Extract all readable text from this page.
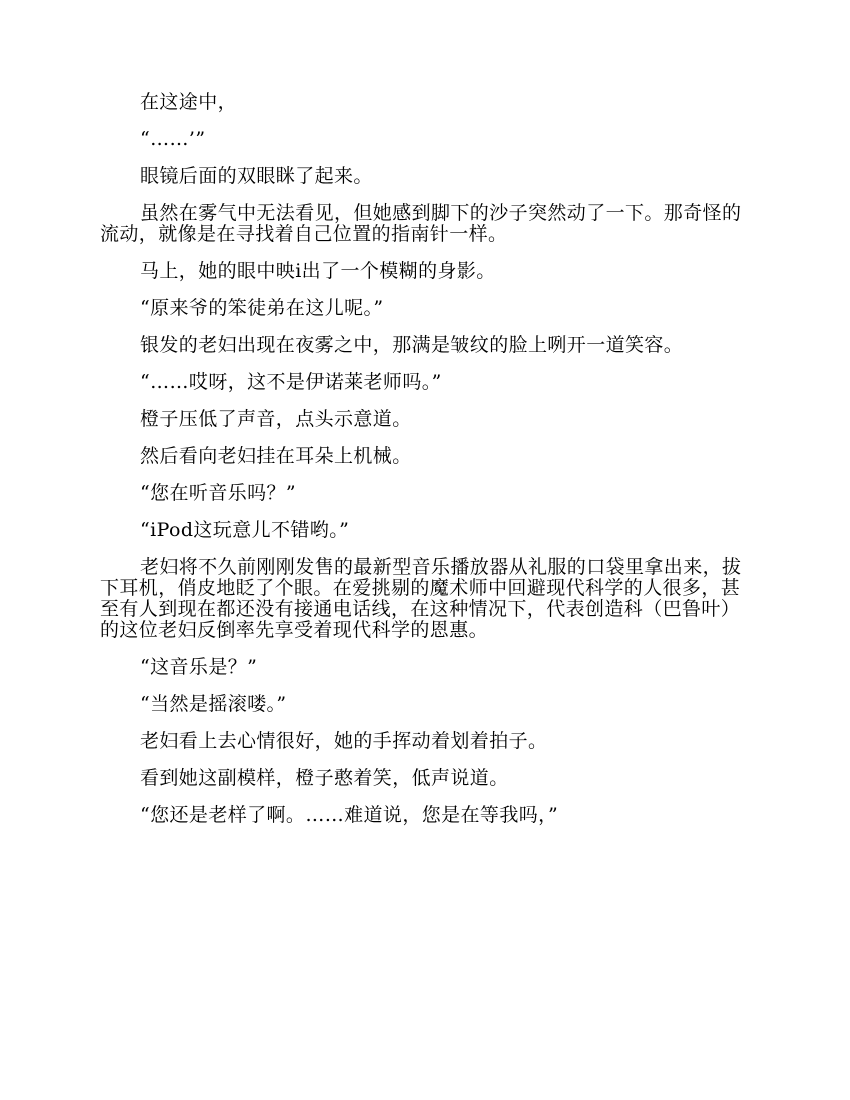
在这途中，

“……’”

眼镜后面的双眼眯了起来。

虽然在雾气中无法看见，但她感到脚下的沙子突然动了一下。那奇怪的流动，就像是在寻找着自己位置的指南针一样。

马上，她的眼中映i出了一个模糊的身影。

“原来爷的笨徒弟在这儿呢。”

银发的老妇出现在夜雾之中，那满是皱纹的脸上咧开一道笑容。

“……哎呀，这不是伊诺莱老师吗。”

橙子压低了声音，点头示意道。

然后看向老妇挂在耳朵上机械。

“您在听音乐吗？”

“iPod这玩意儿不错哟。”

老妇将不久前刚刚发售的最新型音乐播放器从礼服的口袋里拿出来，拔下耳机，俏皮地眨了个眼。在爱挑剔的魔术师中回避现代科学的人很多，甚至有人到现在都还没有接通电话线，在这种情况下，代表创造科（巴鲁叶）的这位老妇反倒率先享受着现代科学的恩惠。

“这音乐是？”

“当然是摇滚喽。”

老妇看上去心情很好，她的手挥动着划着拍子。

看到她这副模样，橙子憨着笑，低声说道。

“您还是老样了啊。……难道说，您是在等我吗，”
